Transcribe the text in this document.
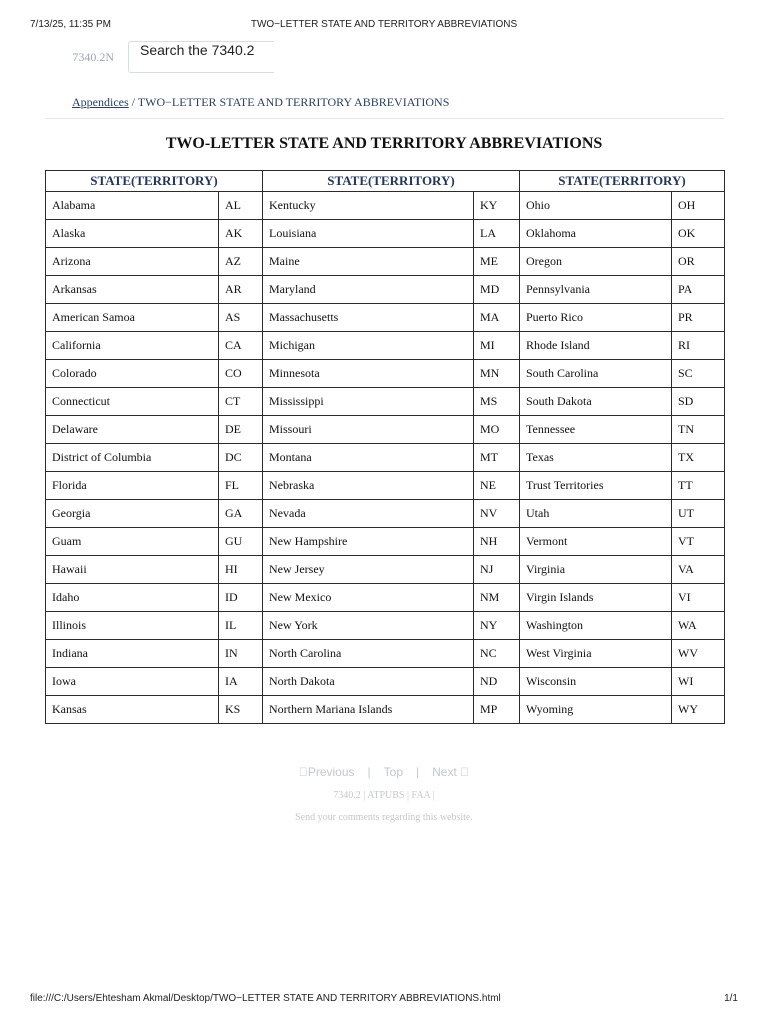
7/13/25, 11:35 PM	TWO−LETTER STATE AND TERRITORY ABBREVIATIONS
7340.2N	Search the 7340.2
Appendices / TWO−LETTER STATE AND TERRITORY ABBREVIATIONS
TWO-LETTER STATE AND TERRITORY ABBREVIATIONS
STATE(TERRITORY)		STATE(TERRITORY)		STATE(TERRITORY)	
Alabama	AL	Kentucky	KY	Ohio	OH
Alaska	AK	Louisiana	LA	Oklahoma	OK
Arizona	AZ	Maine	ME	Oregon	OR
Arkansas	AR	Maryland	MD	Pennsylvania	PA
American Samoa	AS	Massachusetts	MA	Puerto Rico	PR
California	CA	Michigan	MI	Rhode Island	RI
Colorado	CO	Minnesota	MN	South Carolina	SC
Connecticut	CT	Mississippi	MS	South Dakota	SD
Delaware	DE	Missouri	MO	Tennessee	TN
District of Columbia	DC	Montana	MT	Texas	TX
Florida	FL	Nebraska	NE	Trust Territories	TT
Georgia	GA	Nevada	NV	Utah	UT
Guam	GU	New Hampshire	NH	Vermont	VT
Hawaii	HI	New Jersey	NJ	Virginia	VA
Idaho	ID	New Mexico	NM	Virgin Islands	VI
Illinois	IL	New York	NY	Washington	WA
Indiana	IN	North Carolina	NC	West Virginia	WV
Iowa	IA	North Dakota	ND	Wisconsin	WI
Kansas	KS	Northern Mariana Islands	MP	Wyoming	WY
Previous | Top | Next
7340.2 | ATPUBS | FAA |
Send your comments regarding this website.
file:///C:/Users/Ehtesham Akmal/Desktop/TWO−LETTER STATE AND TERRITORY ABBREVIATIONS.html	1/1
